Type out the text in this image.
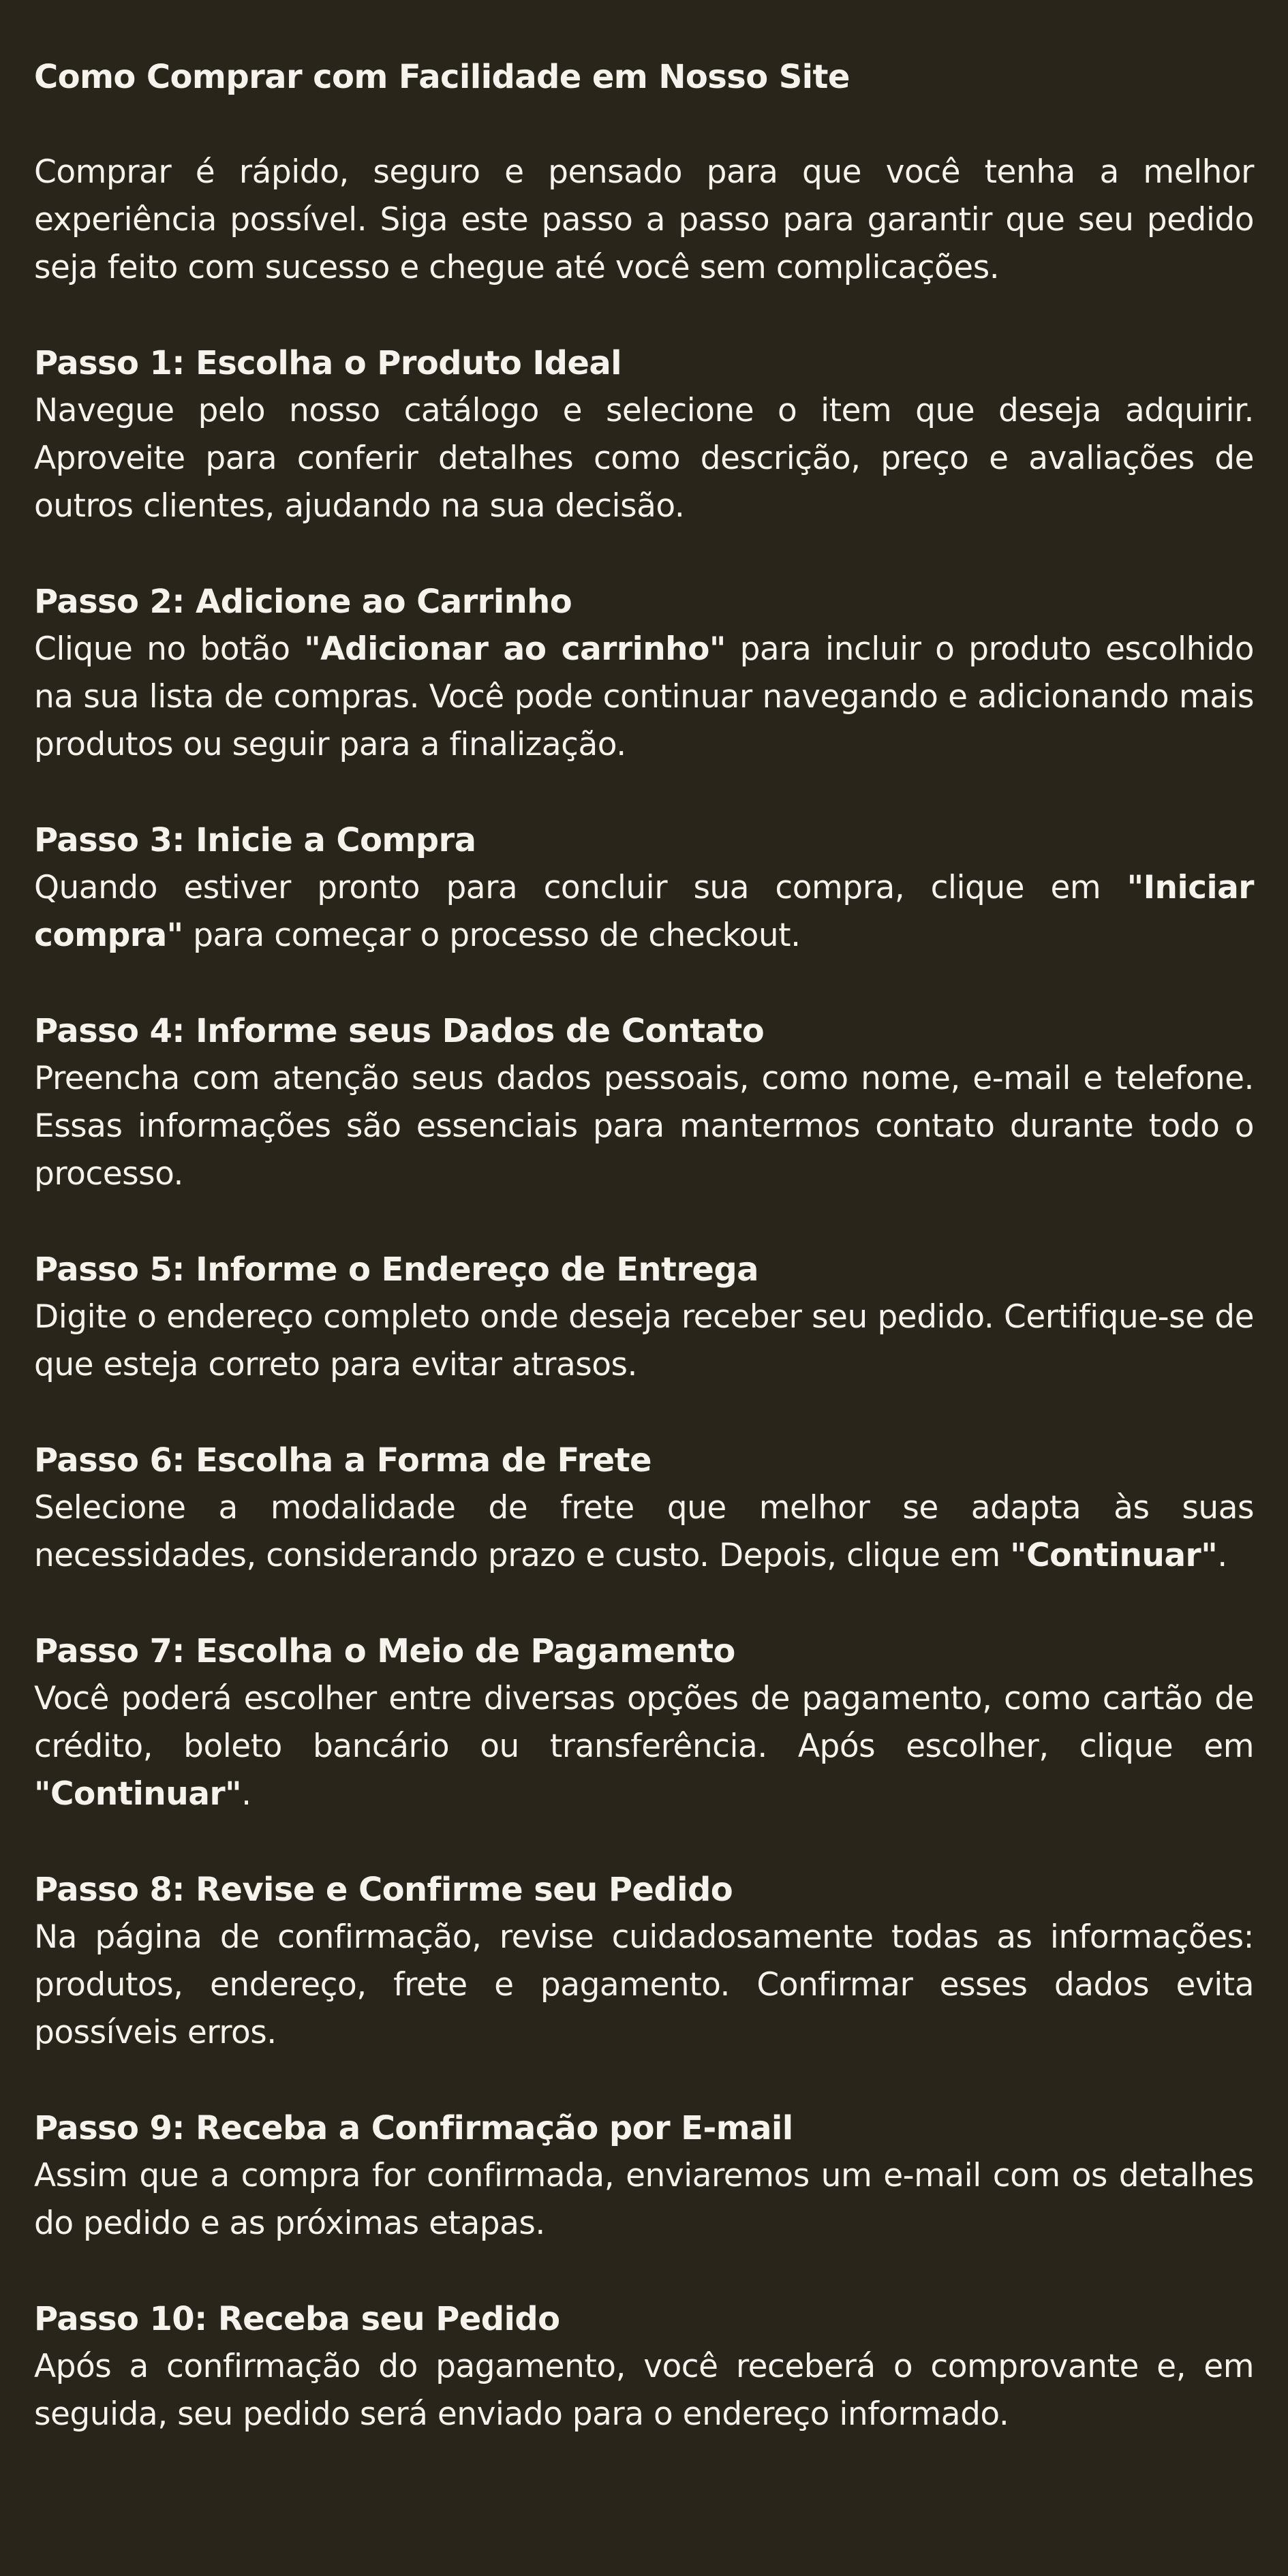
Como Comprar com Facilidade em Nosso Site

Comprar é rápido, seguro e pensado para que você tenha a melhor experiência possível. Siga este passo a passo para garantir que seu pedido seja feito com sucesso e chegue até você sem complicações.

Passo 1: Escolha o Produto Ideal

Navegue pelo nosso catálogo e selecione o item que deseja adquirir. Aproveite para conferir detalhes como descrição, preço e avaliações de outros clientes, ajudando na sua decisão.

Passo 2: Adicione ao Carrinho

Clique no botão "Adicionar ao carrinho" para incluir o produto escolhido na sua lista de compras. Você pode continuar navegando e adicionando mais produtos ou seguir para a finalização.

Passo 3: Inicie a Compra

Quando estiver pronto para concluir sua compra, clique em "Iniciar compra" para começar o processo de checkout.

Passo 4: Informe seus Dados de Contato

Preencha com atenção seus dados pessoais, como nome, e-mail e telefone. Essas informações são essenciais para mantermos contato durante todo o processo.

Passo 5: Informe o Endereço de Entrega

Digite o endereço completo onde deseja receber seu pedido. Certifique-se de que esteja correto para evitar atrasos.

Passo 6: Escolha a Forma de Frete

Selecione a modalidade de frete que melhor se adapta às suas necessidades, considerando prazo e custo. Depois, clique em "Continuar".

Passo 7: Escolha o Meio de Pagamento

Você poderá escolher entre diversas opções de pagamento, como cartão de crédito, boleto bancário ou transferência. Após escolher, clique em "Continuar".

Passo 8: Revise e Confirme seu Pedido

Na página de confirmação, revise cuidadosamente todas as informações: produtos, endereço, frete e pagamento. Confirmar esses dados evita possíveis erros.

Passo 9: Receba a Confirmação por E-mail

Assim que a compra for confirmada, enviaremos um e-mail com os detalhes do pedido e as próximas etapas.

Passo 10: Receba seu Pedido

Após a confirmação do pagamento, você receberá o comprovante e, em seguida, seu pedido será enviado para o endereço informado.
